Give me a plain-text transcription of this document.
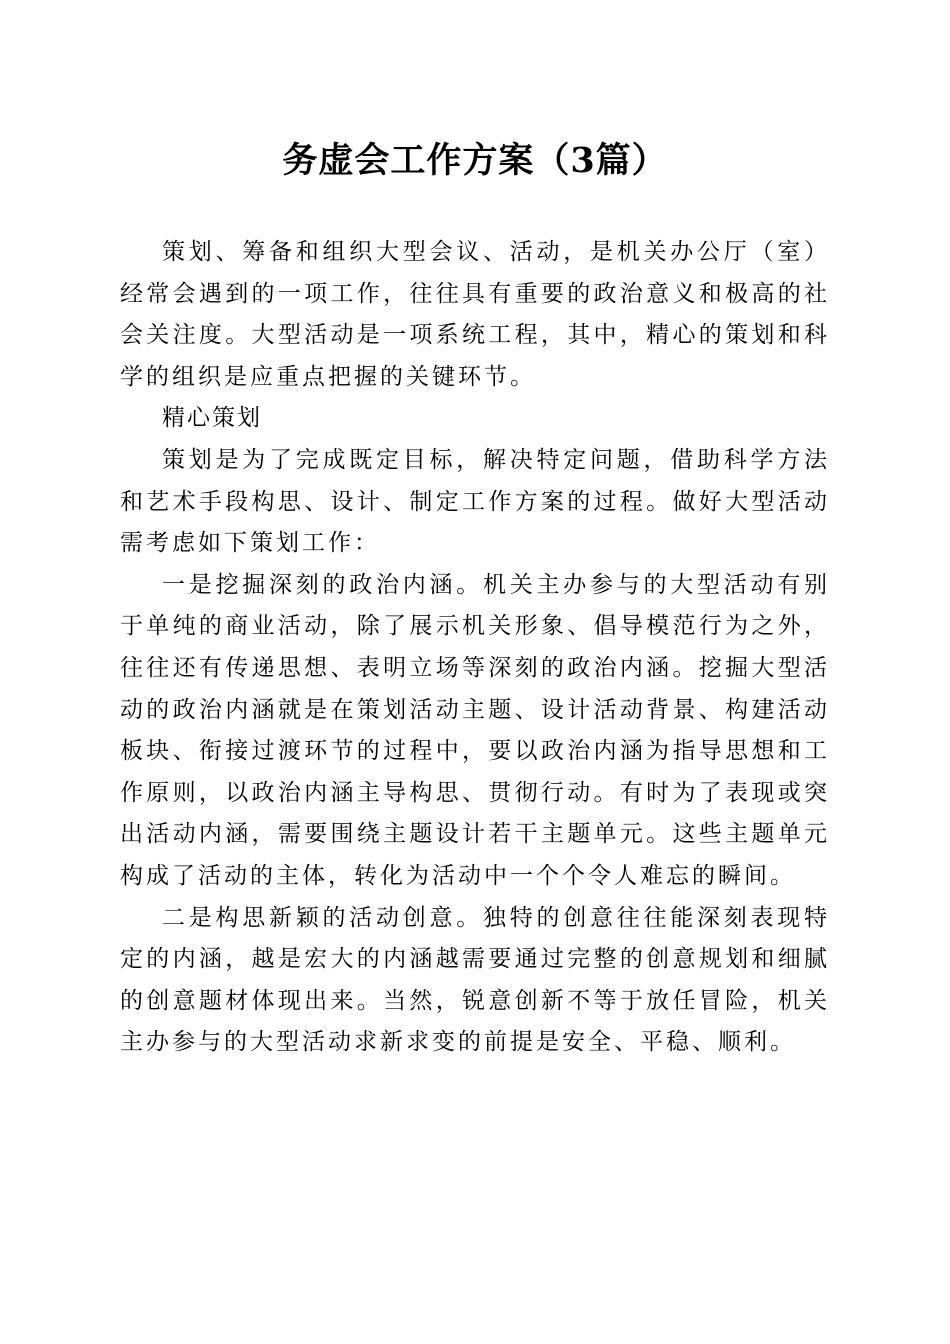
务虚会工作方案（3篇）

策划、筹备和组织大型会议、活动，是机关办公厅（室）经常会遇到的一项工作，往往具有重要的政治意义和极高的社会关注度。大型活动是一项系统工程，其中，精心的策划和科学的组织是应重点把握的关键环节。

精心策划

策划是为了完成既定目标，解决特定问题，借助科学方法和艺术手段构思、设计、制定工作方案的过程。做好大型活动需考虑如下策划工作：

一是挖掘深刻的政治内涵。机关主办参与的大型活动有别于单纯的商业活动，除了展示机关形象、倡导模范行为之外，往往还有传递思想、表明立场等深刻的政治内涵。挖掘大型活动的政治内涵就是在策划活动主题、设计活动背景、构建活动板块、衔接过渡环节的过程中，要以政治内涵为指导思想和工作原则，以政治内涵主导构思、贯彻行动。有时为了表现或突出活动内涵，需要围绕主题设计若干主题单元。这些主题单元构成了活动的主体，转化为活动中一个个令人难忘的瞬间。

二是构思新颖的活动创意。独特的创意往往能深刻表现特定的内涵，越是宏大的内涵越需要通过完整的创意规划和细腻的创意题材体现出来。当然，锐意创新不等于放任冒险，机关主办参与的大型活动求新求变的前提是安全、平稳、顺利。
